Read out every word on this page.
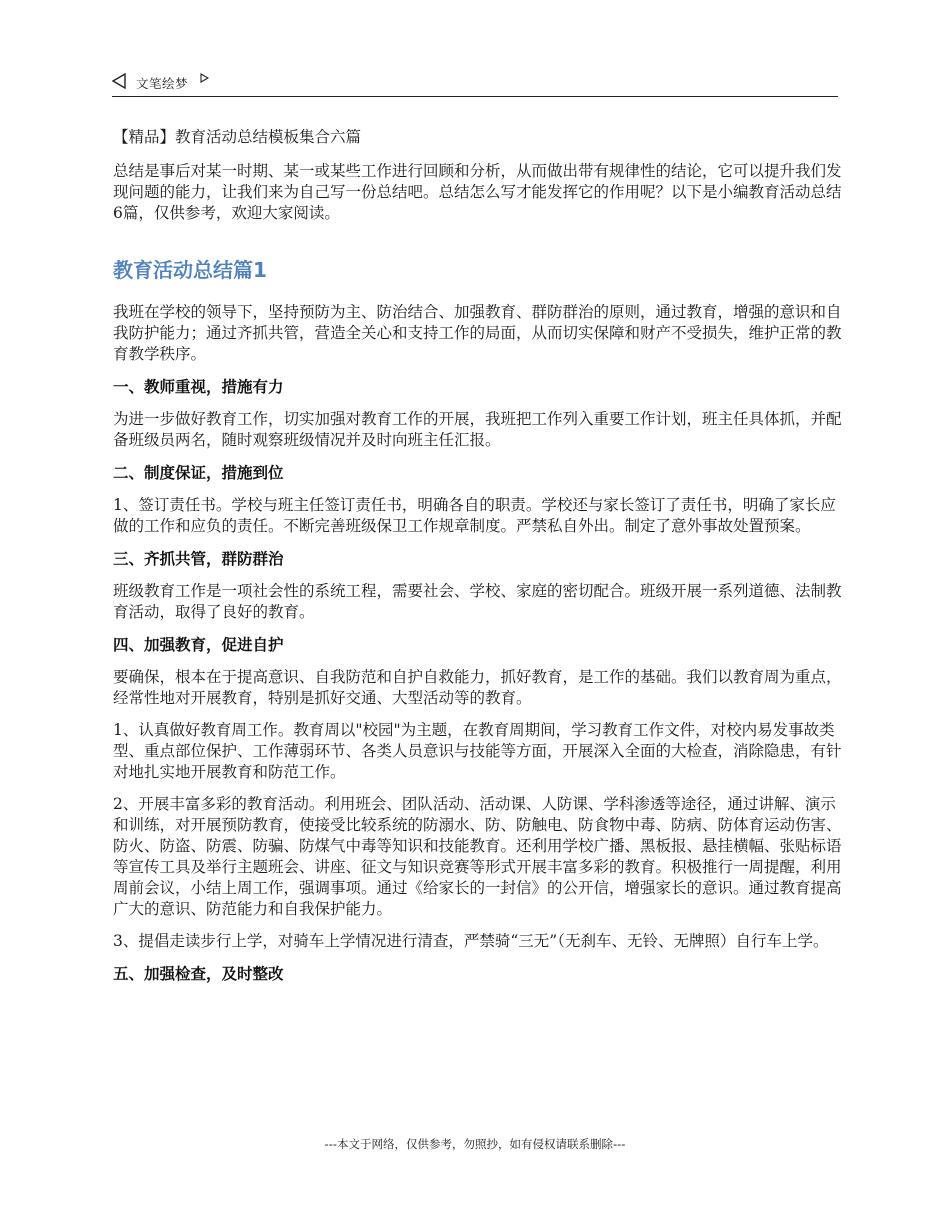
文笔绘梦
【精品】教育活动总结模板集合六篇

总结是事后对某一时期、某一或某些工作进行回顾和分析，从而做出带有规律性的结论，它可以提升我们发现问题的能力，让我们来为自己写一份总结吧。总结怎么写才能发挥它的作用呢？以下是小编教育活动总结6篇，仅供参考，欢迎大家阅读。

教育活动总结篇1

我班在学校的领导下，坚持预防为主、防治结合、加强教育、群防群治的原则，通过教育，增强的意识和自我防护能力；通过齐抓共管，营造全关心和支持工作的局面，从而切实保障和财产不受损失，维护正常的教育教学秩序。

一、教师重视，措施有力

为进一步做好教育工作，切实加强对教育工作的开展，我班把工作列入重要工作计划，班主任具体抓，并配备班级员两名，随时观察班级情况并及时向班主任汇报。

二、制度保证，措施到位

1、签订责任书。学校与班主任签订责任书，明确各自的职责。学校还与家长签订了责任书，明确了家长应做的工作和应负的责任。不断完善班级保卫工作规章制度。严禁私自外出。制定了意外事故处置预案。

三、齐抓共管，群防群治

班级教育工作是一项社会性的系统工程，需要社会、学校、家庭的密切配合。班级开展一系列道德、法制教育活动，取得了良好的教育。

四、加强教育，促进自护

要确保，根本在于提高意识、自我防范和自护自救能力，抓好教育，是工作的基础。我们以教育周为重点，经常性地对开展教育，特别是抓好交通、大型活动等的教育。

1、认真做好教育周工作。教育周以"校园"为主题，在教育周期间，学习教育工作文件，对校内易发事故类型、重点部位保护、工作薄弱环节、各类人员意识与技能等方面，开展深入全面的大检查，消除隐患，有针对地扎实地开展教育和防范工作。

2、开展丰富多彩的教育活动。利用班会、团队活动、活动课、人防课、学科渗透等途径，通过讲解、演示和训练，对开展预防教育，使接受比较系统的防溺水、防、防触电、防食物中毒、防病、防体育运动伤害、防火、防盗、防震、防骗、防煤气中毒等知识和技能教育。还利用学校广播、黑板报、悬挂横幅、张贴标语等宣传工具及举行主题班会、讲座、征文与知识竞赛等形式开展丰富多彩的教育。积极推行一周提醒，利用周前会议，小结上周工作，强调事项。通过《给家长的一封信》的公开信，增强家长的意识。通过教育提高广大的意识、防范能力和自我保护能力。

3、提倡走读步行上学，对骑车上学情况进行清查，严禁骑“三无”（无刹车、无铃、无牌照）自行车上学。

五、加强检查，及时整改
---本文于网络，仅供参考，勿照抄，如有侵权请联系删除---
